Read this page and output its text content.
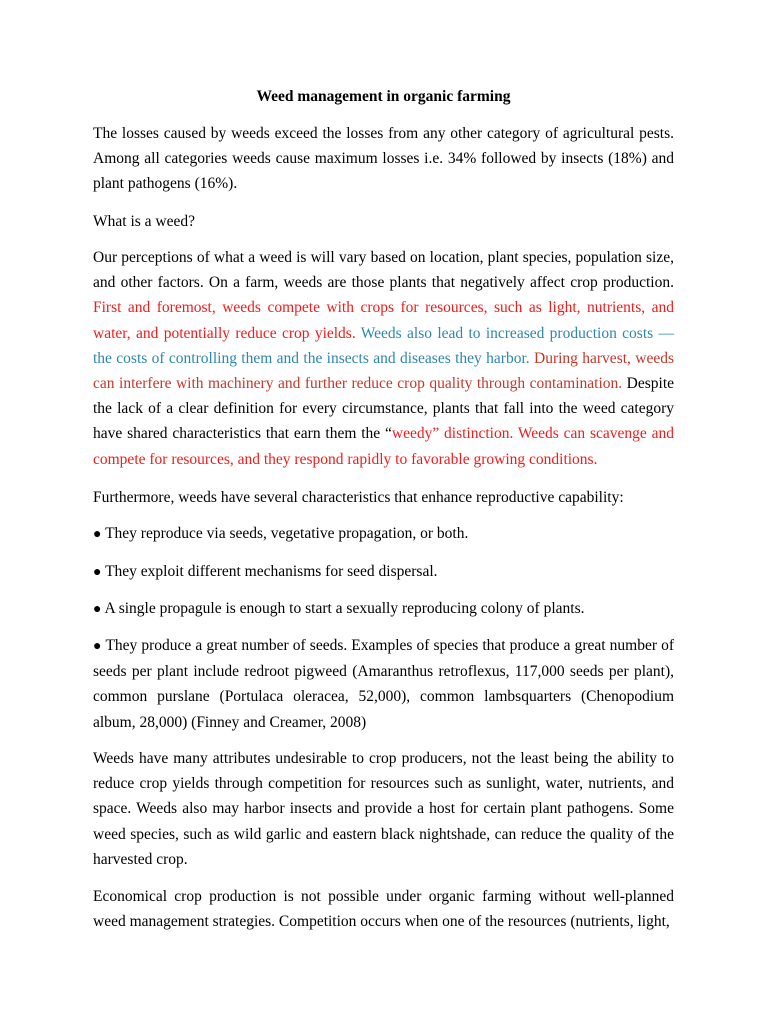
Weed management in organic farming

The losses caused by weeds exceed the losses from any other category of agricultural pests. Among all categories weeds cause maximum losses i.e. 34% followed by insects (18%) and plant pathogens (16%).

What is a weed?

Our perceptions of what a weed is will vary based on location, plant species, population size, and other factors. On a farm, weeds are those plants that negatively affect crop production. First and foremost, weeds compete with crops for resources, such as light, nutrients, and water, and potentially reduce crop yields. Weeds also lead to increased production costs — the costs of controlling them and the insects and diseases they harbor. During harvest, weeds can interfere with machinery and further reduce crop quality through contamination. Despite the lack of a clear definition for every circumstance, plants that fall into the weed category have shared characteristics that earn them the “weedy” distinction. Weeds can scavenge and compete for resources, and they respond rapidly to favorable growing conditions.

Furthermore, weeds have several characteristics that enhance reproductive capability:

● They reproduce via seeds, vegetative propagation, or both.

● They exploit different mechanisms for seed dispersal.

● A single propagule is enough to start a sexually reproducing colony of plants.

● They produce a great number of seeds. Examples of species that produce a great number of seeds per plant include redroot pigweed (Amaranthus retroflexus, 117,000 seeds per plant), common purslane (Portulaca oleracea, 52,000), common lambsquarters (Chenopodium album, 28,000) (Finney and Creamer, 2008)

Weeds have many attributes undesirable to crop producers, not the least being the ability to reduce crop yields through competition for resources such as sunlight, water, nutrients, and space. Weeds also may harbor insects and provide a host for certain plant pathogens. Some weed species, such as wild garlic and eastern black nightshade, can reduce the quality of the harvested crop.

Economical crop production is not possible under organic farming without well-planned weed management strategies. Competition occurs when one of the resources (nutrients, light,
